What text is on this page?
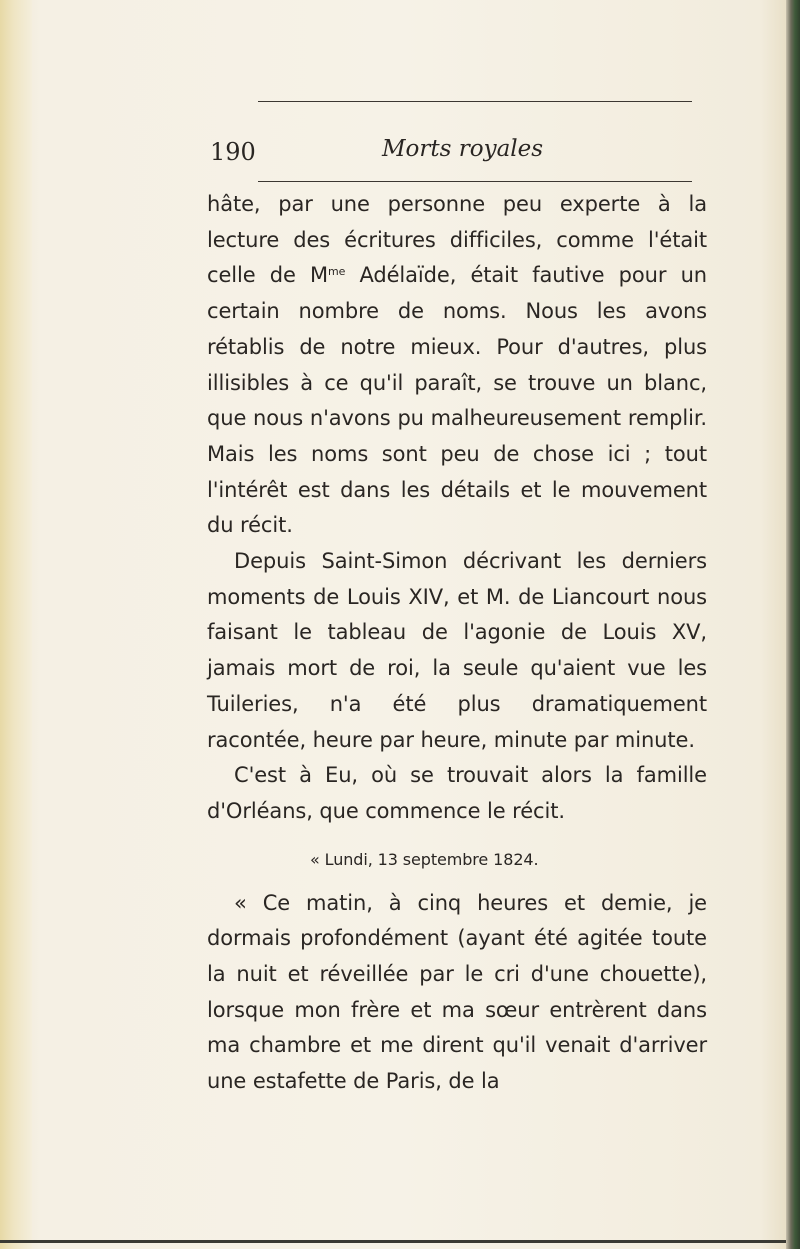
190	Morts royales

hâte, par une personne peu experte à la lecture des écritures difficiles, comme l'était celle de $M^{me}$ Adélaïde, était fautive pour un certain nombre de noms. Nous les avons rétablis de notre mieux. Pour d'autres, plus illisibles à ce qu'il paraît, se trouve un blanc, que nous n'avons pu malheureusement remplir. Mais les noms sont peu de chose ici ; tout l'intérêt est dans les détails et le mouvement du récit.

Depuis Saint-Simon décrivant les derniers moments de Louis XIV, et M. de Liancourt nous faisant le tableau de l'agonie de Louis XV, jamais mort de roi, la seule qu'aient vue les Tuileries, n'a été plus dramatiquement racontée, heure par heure, minute par minute.

C'est à Eu, où se trouvait alors la famille d'Orléans, que commence le récit.

« Lundi, 13 septembre 1824.

« Ce matin, à cinq heures et demie, je dormais profondément (ayant été agitée toute la nuit et réveillée par le cri d'une chouette), lorsque mon frère et ma sœur entrèrent dans ma chambre et me dirent qu'il venait d'arriver une estafette de Paris, de la
